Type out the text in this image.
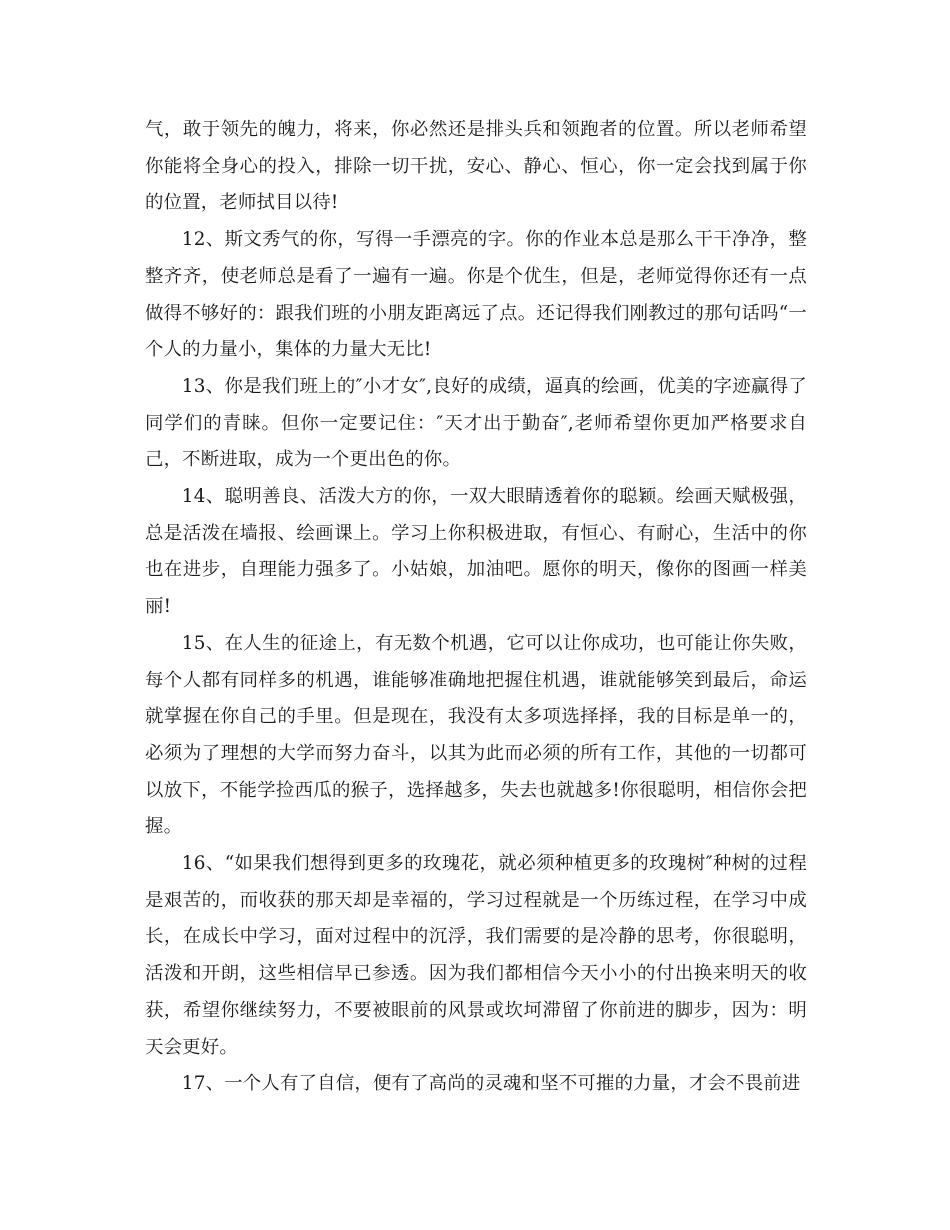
气，敢于领先的魄力，将来，你必然还是排头兵和领跑者的位置。所以老师希望你能将全身心的投入，排除一切干扰，安心、静心、恒心，你一定会找到属于你的位置，老师拭目以待!

12、斯文秀气的你，写得一手漂亮的字。你的作业本总是那么干干净净，整整齐齐，使老师总是看了一遍有一遍。你是个优生，但是，老师觉得你还有一点做得不够好的：跟我们班的小朋友距离远了点。还记得我们刚教过的那句话吗“一个人的力量小，集体的力量大无比!

13、你是我们班上的″小才女″,良好的成绩，逼真的绘画，优美的字迹赢得了同学们的青睐。但你一定要记住：″天才出于勤奋″,老师希望你更加严格要求自己，不断进取，成为一个更出色的你。

14、聪明善良、活泼大方的你，一双大眼睛透着你的聪颖。绘画天赋极强，总是活泼在墙报、绘画课上。学习上你积极进取，有恒心、有耐心，生活中的你也在进步，自理能力强多了。小姑娘，加油吧。愿你的明天，像你的图画一样美丽!

15、在人生的征途上，有无数个机遇，它可以让你成功，也可能让你失败，每个人都有同样多的机遇，谁能够准确地把握住机遇，谁就能够笑到最后，命运就掌握在你自己的手里。但是现在，我没有太多项选择择，我的目标是单一的，必须为了理想的大学而努力奋斗，以其为此而必须的所有工作，其他的一切都可以放下，不能学捡西瓜的猴子，选择越多，失去也就越多!你很聪明，相信你会把握。

16、“如果我们想得到更多的玫瑰花，就必须种植更多的玫瑰树″种树的过程是艰苦的，而收获的那天却是幸福的，学习过程就是一个历练过程，在学习中成长，在成长中学习，面对过程中的沉浮，我们需要的是冷静的思考，你很聪明，活泼和开朗，这些相信早已参透。因为我们都相信今天小小的付出换来明天的收获，希望你继续努力，不要被眼前的风景或坎坷滞留了你前进的脚步，因为：明天会更好。

17、一个人有了自信，便有了高尚的灵魂和坚不可摧的力量，才会不畏前进
